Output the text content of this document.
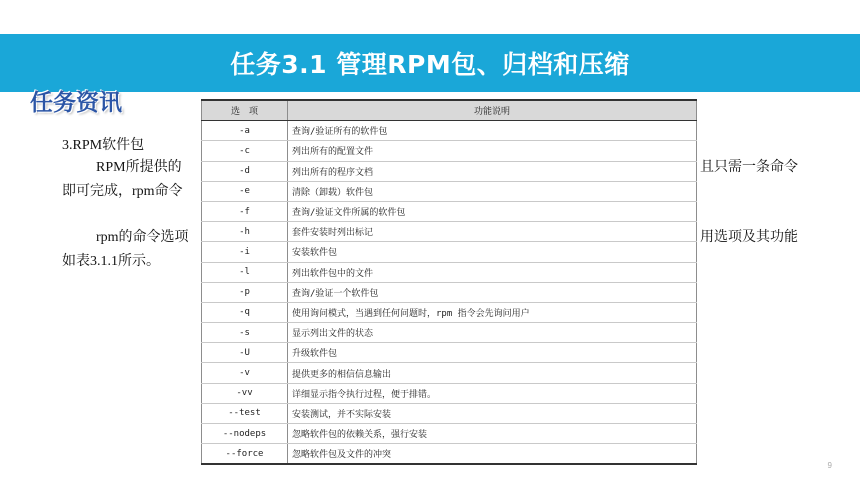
任务3.1 管理RPM包、归档和压缩
任务资讯
3.RPM软件包
RPM所提供的	且只需一条命令
即可完成，rpm命令
rpm的命令选项	用选项及其功能
如表3.1.1所示。
选　项	功能说明
-a	查询/验证所有的软件包
-c	列出所有的配置文件
-d	列出所有的程序文档
-e	清除（卸载）软件包
-f	查询/验证文件所属的软件包
-h	套件安装时列出标记
-i	安装软件包
-l	列出软件包中的文件
-p	查询/验证一个软件包
-q	使用询问模式，当遇到任何问题时，rpm 指令会先询问用户
-s	显示列出文件的状态
-U	升级软件包
-v	提供更多的相信信息输出
-vv	详细显示指令执行过程，便于排错。
--test	安装测试，并不实际安装
--nodeps	忽略软件包的依赖关系，强行安装
--force	忽略软件包及文件的冲突
9
